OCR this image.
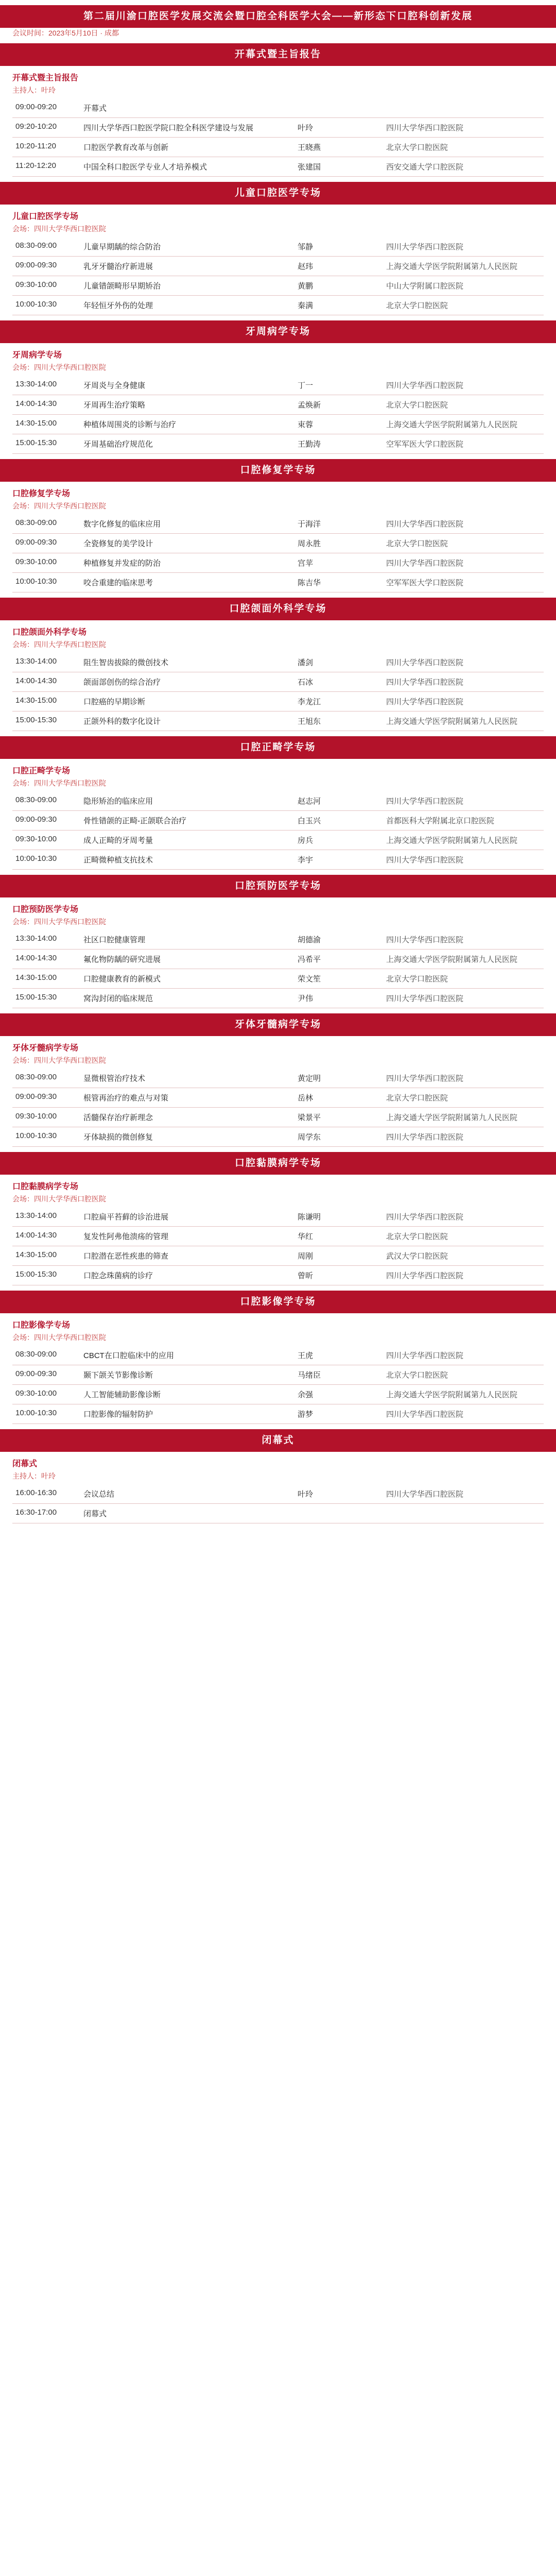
第二届川渝口腔医学发展交流会暨口腔全科医学大会——新形态下口腔科创新发展
会议时间：2023年5月10日 · 成都
开幕式暨主旨报告
开幕式暨主旨报告
主持人：叶玲
09:00-09:20	开幕式		
09:20-10:20	四川大学华西口腔医学院口腔全科医学建设与发展	叶玲	四川大学华西口腔医院
10:20-11:20	口腔医学教育改革与创新	王晓燕	北京大学口腔医院
11:20-12:20	中国全科口腔医学专业人才培养模式	张建国	西安交通大学口腔医院
儿童口腔医学专场
儿童口腔医学专场
会场：四川大学华西口腔医院
08:30-09:00	儿童早期龋的综合防治	邹静	四川大学华西口腔医院
09:00-09:30	乳牙牙髓治疗新进展	赵玮	上海交通大学医学院附属第九人民医院
09:30-10:00	儿童错颌畸形早期矫治	黄鹏	中山大学附属口腔医院
10:00-10:30	年轻恒牙外伤的处理	秦满	北京大学口腔医院
牙周病学专场
牙周病学专场
会场：四川大学华西口腔医院
13:30-14:00	牙周炎与全身健康	丁一	四川大学华西口腔医院
14:00-14:30	牙周再生治疗策略	孟焕新	北京大学口腔医院
14:30-15:00	种植体周围炎的诊断与治疗	束蓉	上海交通大学医学院附属第九人民医院
15:00-15:30	牙周基础治疗规范化	王勤涛	空军军医大学口腔医院
口腔修复学专场
口腔修复学专场
会场：四川大学华西口腔医院
08:30-09:00	数字化修复的临床应用	于海洋	四川大学华西口腔医院
09:00-09:30	全瓷修复的美学设计	周永胜	北京大学口腔医院
09:30-10:00	种植修复并发症的防治	宫苹	四川大学华西口腔医院
10:00-10:30	咬合重建的临床思考	陈吉华	空军军医大学口腔医院
口腔颌面外科学专场
口腔颌面外科学专场
会场：四川大学华西口腔医院
13:30-14:00	阻生智齿拔除的微创技术	潘剑	四川大学华西口腔医院
14:00-14:30	颌面部创伤的综合治疗	石冰	四川大学华西口腔医院
14:30-15:00	口腔癌的早期诊断	李龙江	四川大学华西口腔医院
15:00-15:30	正颌外科的数字化设计	王旭东	上海交通大学医学院附属第九人民医院
口腔正畸学专场
口腔正畸学专场
会场：四川大学华西口腔医院
08:30-09:00	隐形矫治的临床应用	赵志河	四川大学华西口腔医院
09:00-09:30	骨性错颌的正畸-正颌联合治疗	白玉兴	首都医科大学附属北京口腔医院
09:30-10:00	成人正畸的牙周考量	房兵	上海交通大学医学院附属第九人民医院
10:00-10:30	正畸微种植支抗技术	李宇	四川大学华西口腔医院
口腔预防医学专场
口腔预防医学专场
会场：四川大学华西口腔医院
13:30-14:00	社区口腔健康管理	胡德渝	四川大学华西口腔医院
14:00-14:30	氟化物防龋的研究进展	冯希平	上海交通大学医学院附属第九人民医院
14:30-15:00	口腔健康教育的新模式	荣文笙	北京大学口腔医院
15:00-15:30	窝沟封闭的临床规范	尹伟	四川大学华西口腔医院
牙体牙髓病学专场
牙体牙髓病学专场
会场：四川大学华西口腔医院
08:30-09:00	显微根管治疗技术	黄定明	四川大学华西口腔医院
09:00-09:30	根管再治疗的难点与对策	岳林	北京大学口腔医院
09:30-10:00	活髓保存治疗新理念	梁景平	上海交通大学医学院附属第九人民医院
10:00-10:30	牙体缺损的微创修复	周学东	四川大学华西口腔医院
口腔黏膜病学专场
口腔黏膜病学专场
会场：四川大学华西口腔医院
13:30-14:00	口腔扁平苔藓的诊治进展	陈谦明	四川大学华西口腔医院
14:00-14:30	复发性阿弗他溃疡的管理	华红	北京大学口腔医院
14:30-15:00	口腔潜在恶性疾患的筛查	周刚	武汉大学口腔医院
15:00-15:30	口腔念珠菌病的诊疗	曾昕	四川大学华西口腔医院
口腔影像学专场
口腔影像学专场
会场：四川大学华西口腔医院
08:30-09:00	CBCT在口腔临床中的应用	王虎	四川大学华西口腔医院
09:00-09:30	颞下颌关节影像诊断	马绪臣	北京大学口腔医院
09:30-10:00	人工智能辅助影像诊断	余强	上海交通大学医学院附属第九人民医院
10:00-10:30	口腔影像的辐射防护	游梦	四川大学华西口腔医院
闭幕式
闭幕式
主持人：叶玲
16:00-16:30	会议总结	叶玲	四川大学华西口腔医院
16:30-17:00	闭幕式		
